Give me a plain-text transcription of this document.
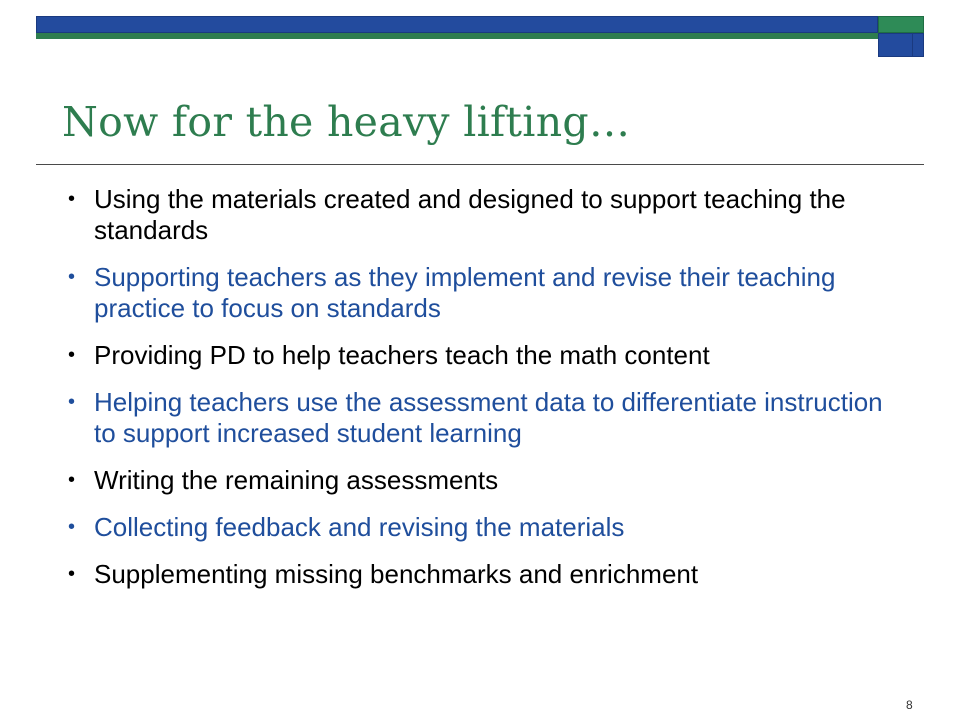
Now for the heavy lifting…
• Using the materials created and designed to support teaching the standards
• Supporting teachers as they implement and revise their teaching practice to focus on standards
• Providing PD to help teachers teach the math content
• Helping teachers use the assessment data to differentiate instruction to support increased student learning
• Writing the remaining assessments
• Collecting feedback and revising the materials
• Supplementing missing benchmarks and enrichment
8
